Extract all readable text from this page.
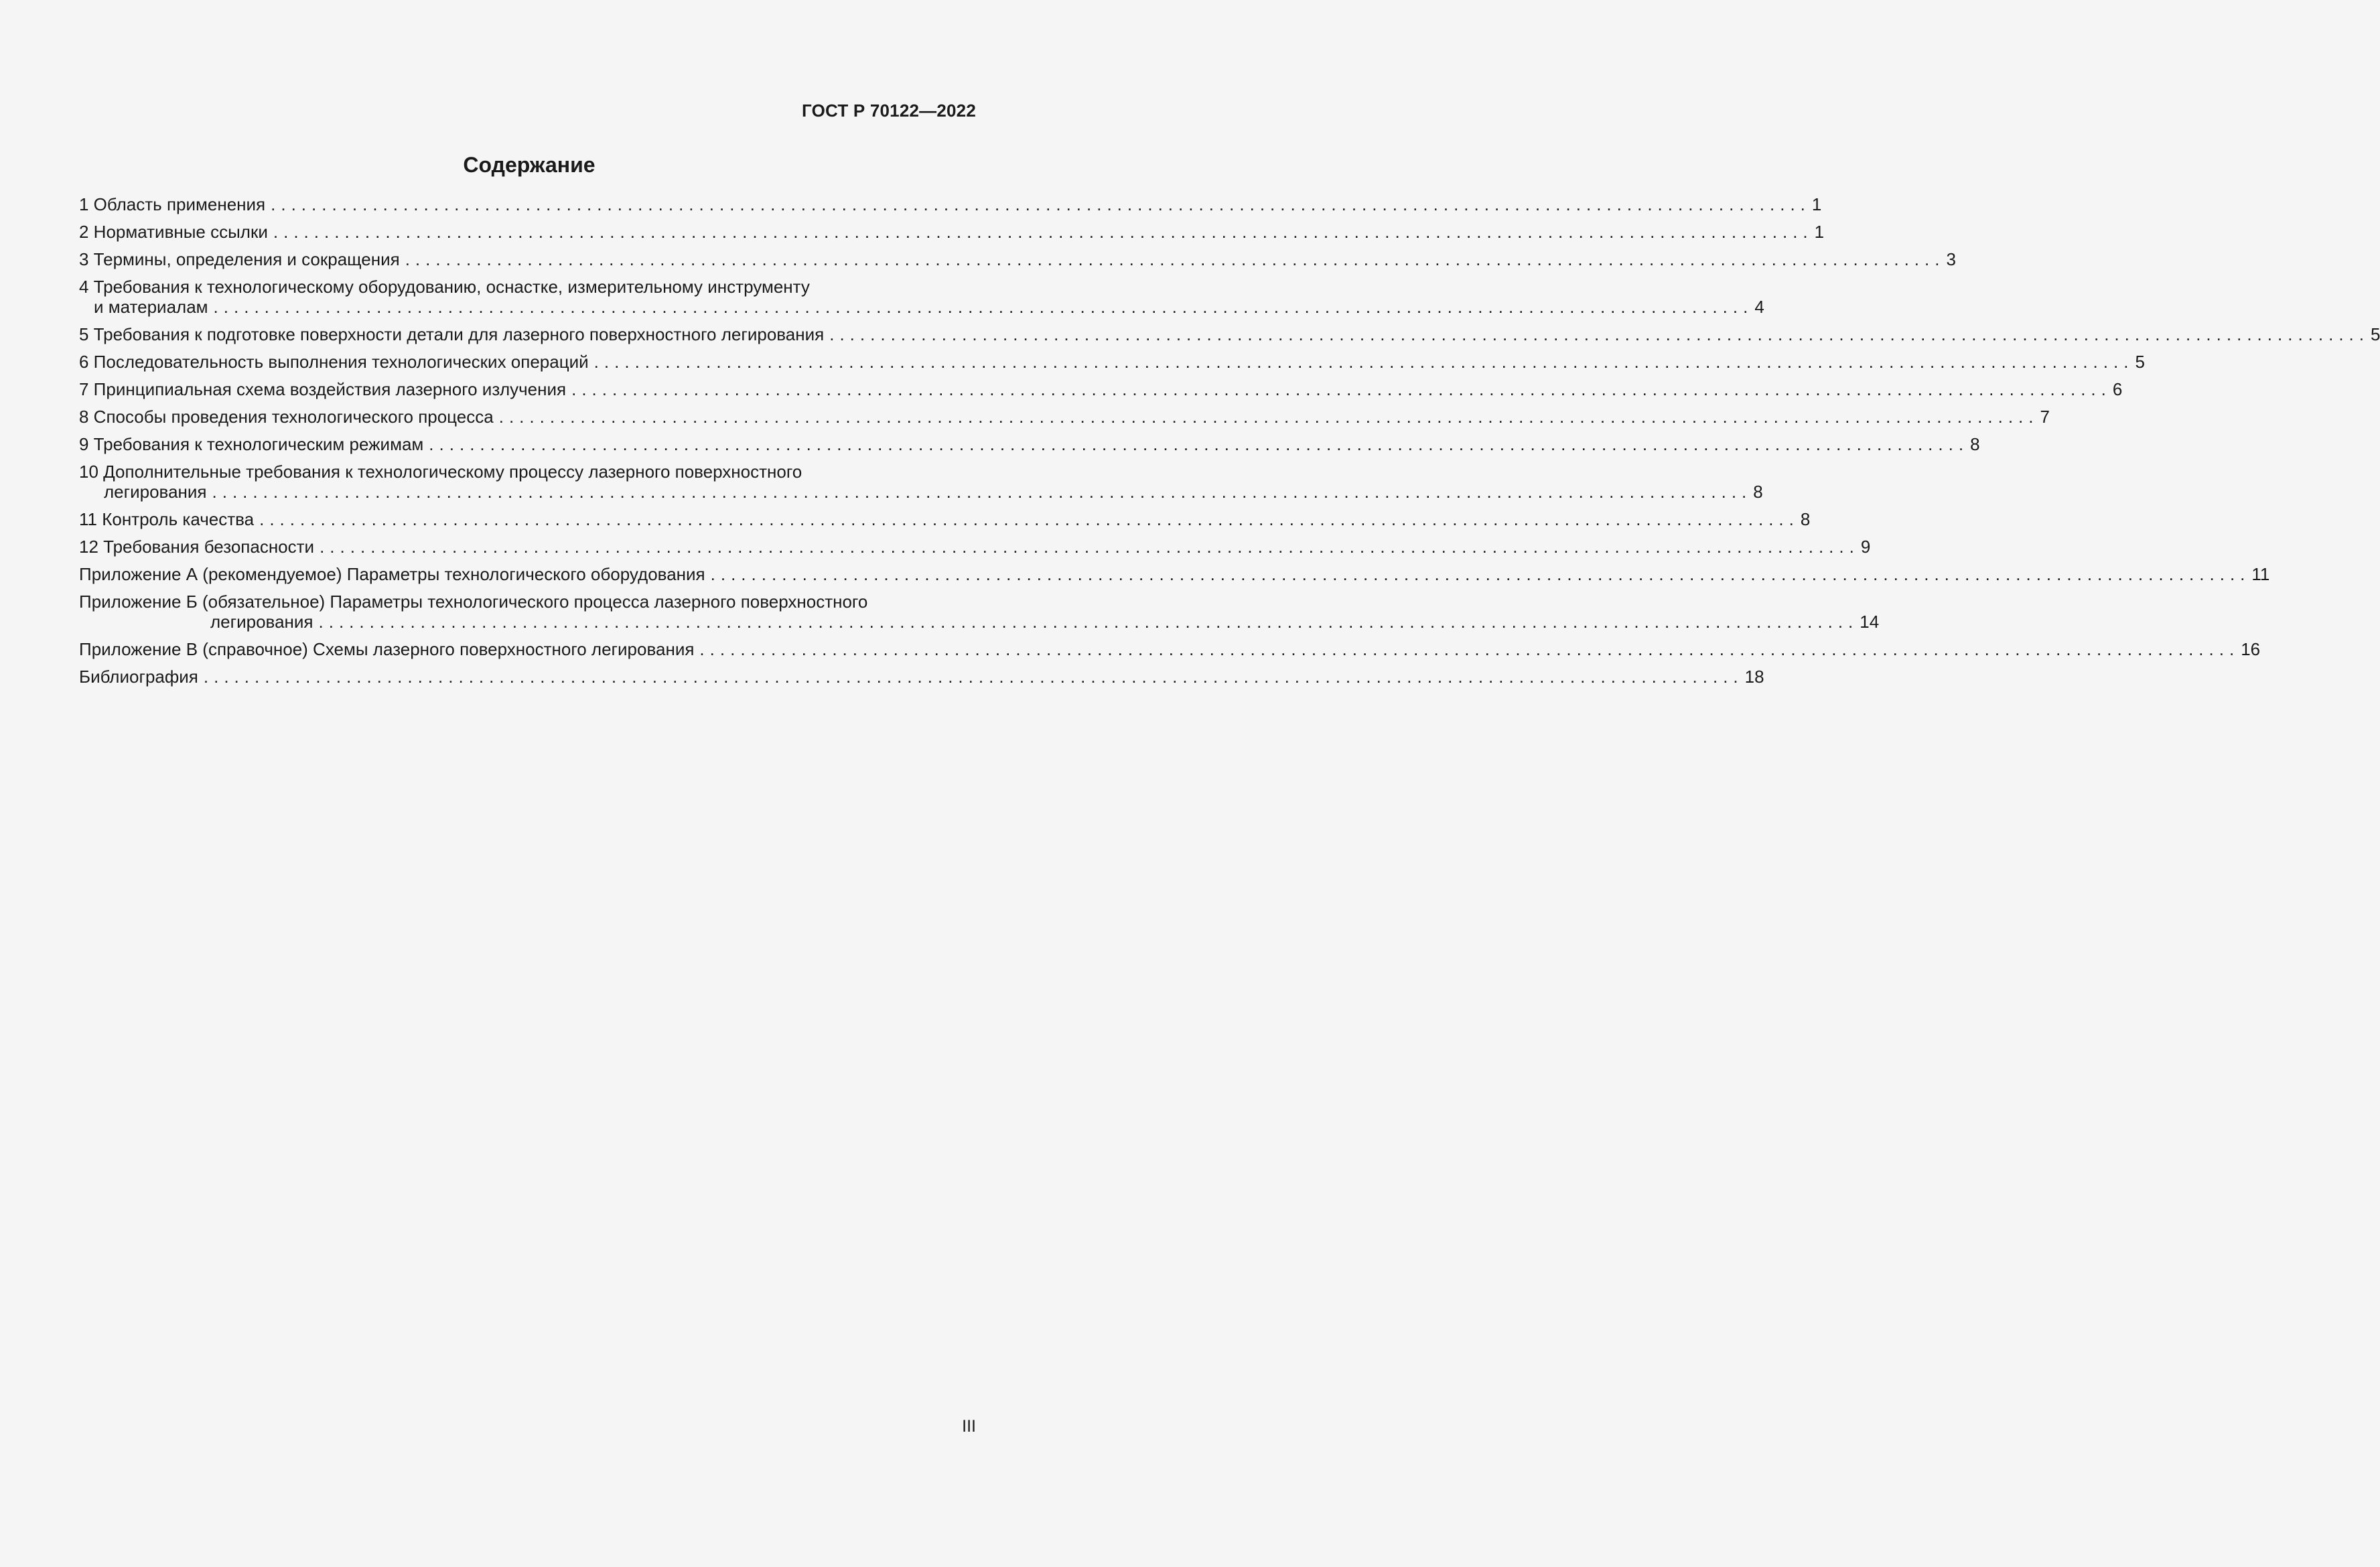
ГОСТ Р 70122—2022
Содержание
1 Область применения ....................................................................................................................................................... 1
2 Нормативные ссылки ....................................................................................................................................................... 1
3 Термины, определения и сокращения ....................................................................................................................................................... 3
4 Требования к технологическому оборудованию, оснастке, измерительному инструменту
и материалам ....................................................................................................................................................... 4
5 Требования к подготовке поверхности детали для лазерного поверхностного легирования ....................................................................................................................................................... 5
6 Последовательность выполнения технологических операций ....................................................................................................................................................... 5
7 Принципиальная схема воздействия лазерного излучения ....................................................................................................................................................... 6
8 Способы проведения технологического процесса ....................................................................................................................................................... 7
9 Требования к технологическим режимам ....................................................................................................................................................... 8
10 Дополнительные требования к технологическому процессу лазерного поверхностного
легирования ....................................................................................................................................................... 8
11 Контроль качества ....................................................................................................................................................... 8
12 Требования безопасности ....................................................................................................................................................... 9
Приложение А (рекомендуемое) Параметры технологического оборудования ....................................................................................................................................................... 11
Приложение Б (обязательное) Параметры технологического процесса лазерного поверхностного
легирования ....................................................................................................................................................... 14
Приложение В (справочное) Схемы лазерного поверхностного легирования ....................................................................................................................................................... 16
Библиография ....................................................................................................................................................... 18
III
